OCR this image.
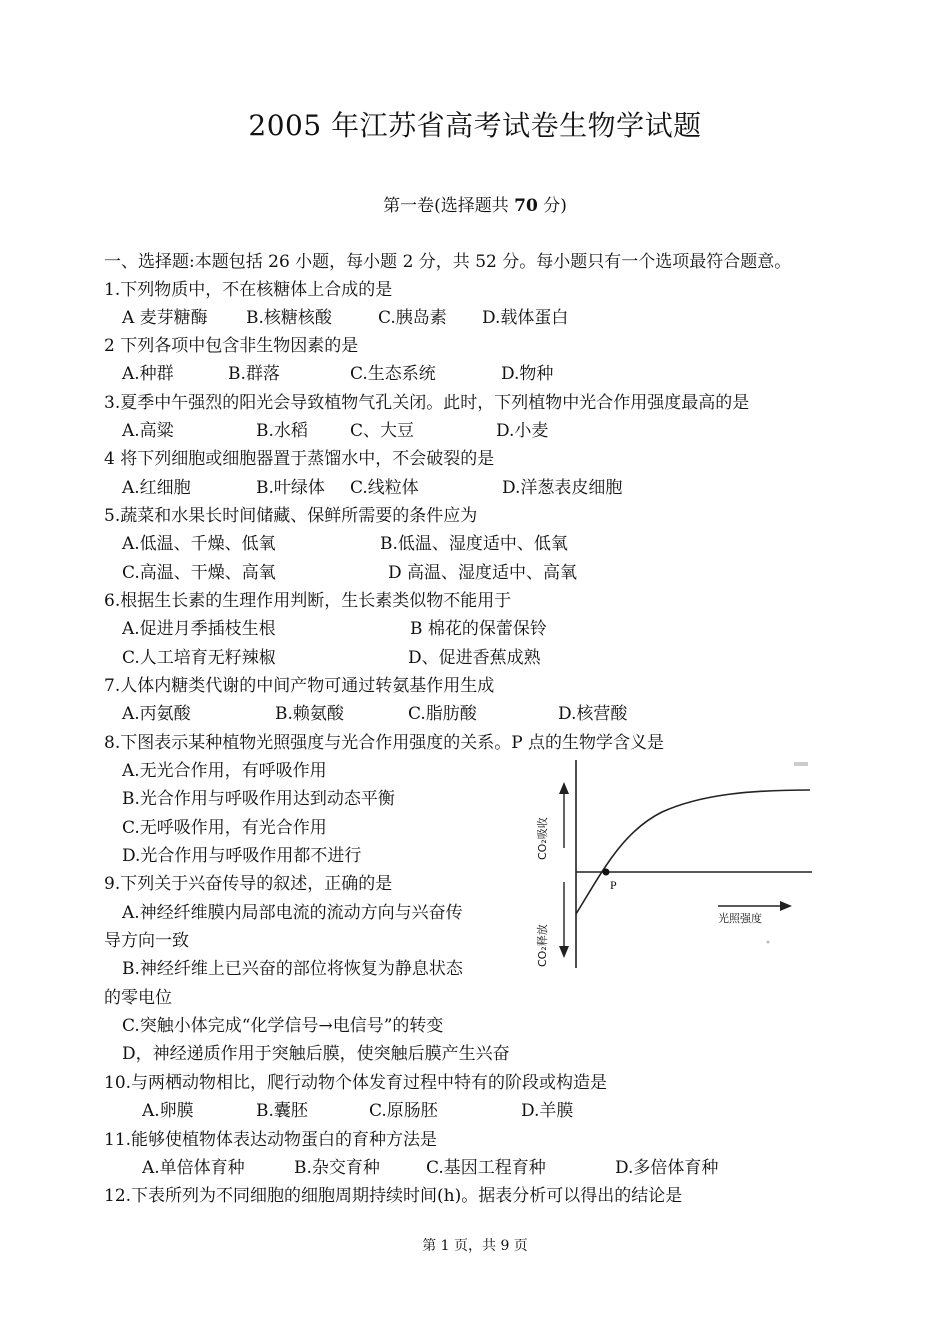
2005 年江苏省高考试卷生物学试题
第一卷(选择题共 70 分)
一、选择题:本题包括 26 小题，每小题 2 分，共 52 分。每小题只有一个选项最符合题意。
1.下列物质中，不在核糖体上合成的是
A 麦芽糖酶 B.核糖核酸	C.胰岛素 D.载体蛋白
2 下列各项中包含非生物因素的是
A.种群	B.群落	C.生态系统	D.物种
3.夏季中午强烈的阳光会导致植物气孔关闭。此时，下列植物中光合作用强度最高的是
A.高粱	B.水稻 C、大豆	D.小麦
4 将下列细胞或细胞器置于蒸馏水中，不会破裂的是
A.红细胞	B.叶绿体 C.线粒体	D.洋葱表皮细胞
5.蔬菜和水果长时间储藏、保鲜所需要的条件应为
A.低温、千燥、低氧	B.低温、湿度适中、低氧
C.高温、干燥、高氧	D 高温、湿度适中、高氧
6.根据生长素的生理作用判断，生长素类似物不能用于
A.促进月季插枝生根	B 棉花的保蕾保铃
C.人工培育无籽辣椒	D、促进香蕉成熟
7.人体内糖类代谢的中间产物可通过转氨基作用生成
A.丙氨酸	B.赖氨酸	C.脂肪酸	D.核营酸
8.下图表示某种植物光照强度与光合作用强度的关系。P 点的生物学含义是
A.无光合作用，有呼吸作用
B.光合作用与呼吸作用达到动态平衡
C.无呼吸作用，有光合作用
D.光合作用与呼吸作用都不进行
9.下列关于兴奋传导的叙述，正确的是
A.神经纤维膜内局部电流的流动方向与兴奋传
导方向一致
B.神经纤维上已兴奋的部位将恢复为静息状态
的零电位
C.突触小体完成“化学信号→电信号”的转变
D，神经递质作用于突触后膜，使突触后膜产生兴奋
10.与两栖动物相比，爬行动物个体发育过程中特有的阶段或构造是
A.卵膜	B.囊胚	C.原肠胚	D.羊膜
11.能够使植物体表达动物蛋白的育种方法是
A.单倍体育种	B.杂交育种	C.基因工程育种	D.多倍体育种
12.下表所列为不同细胞的细胞周期持续时间(h)。据表分析可以得出的结论是
P
光照强度
CO₂吸收
CO₂释放
第 1 页，共 9 页
